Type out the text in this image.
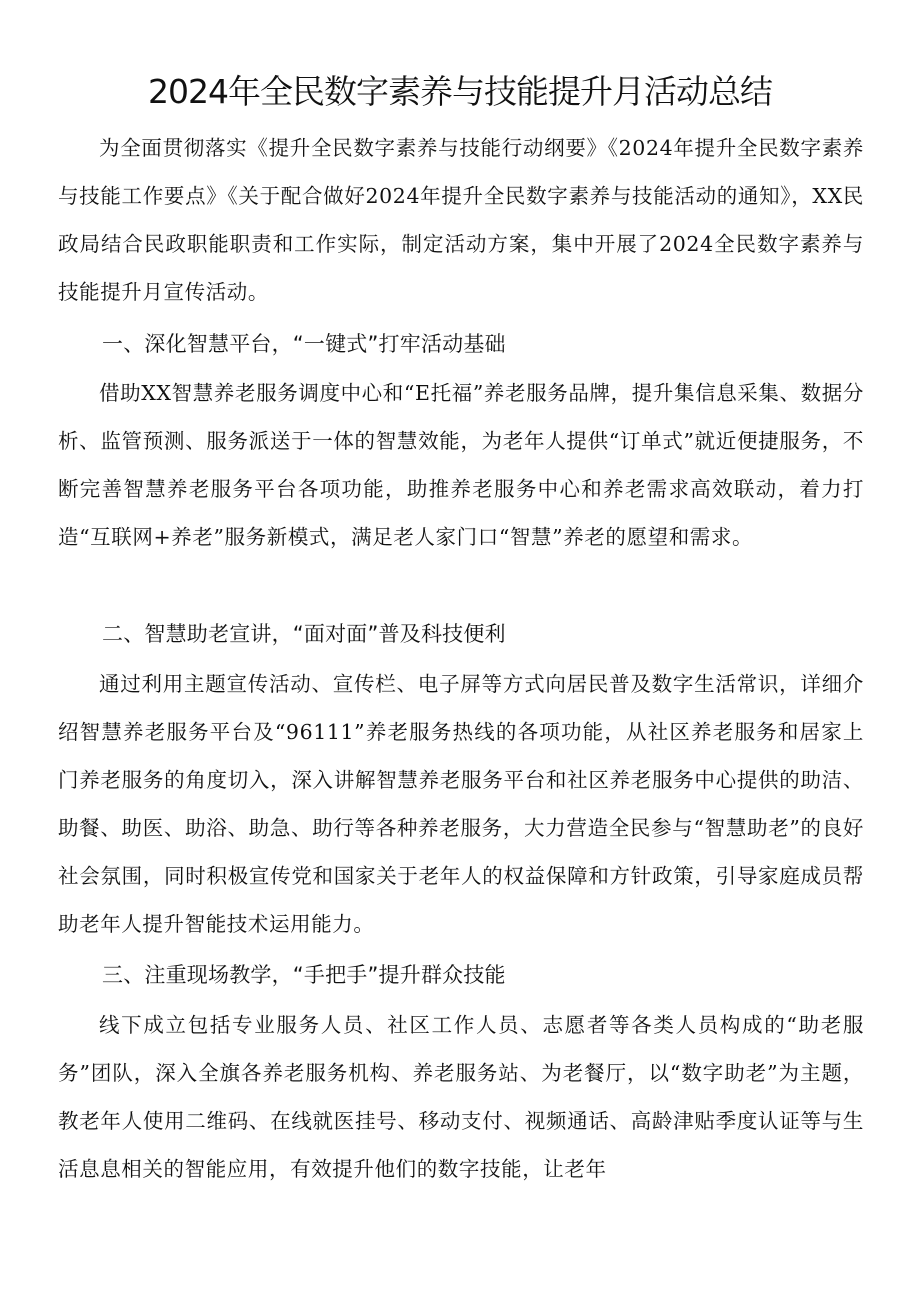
2024年全民数字素养与技能提升月活动总结

为全面贯彻落实《提升全民数字素养与技能行动纲要》《2024年提升全民数字素养与技能工作要点》《关于配合做好2024年提升全民数字素养与技能活动的通知》，XX民政局结合民政职能职责和工作实际，制定活动方案，集中开展了2024全民数字素养与技能提升月宣传活动。

一、深化智慧平台，“一键式”打牢活动基础

借助XX智慧养老服务调度中心和“E托福”养老服务品牌，提升集信息采集、数据分析、监管预测、服务派送于一体的智慧效能，为老年人提供“订单式”就近便捷服务，不断完善智慧养老服务平台各项功能，助推养老服务中心和养老需求高效联动，着力打造“互联网+养老”服务新模式，满足老人家门口“智慧”养老的愿望和需求。

二、智慧助老宣讲，“面对面”普及科技便利

通过利用主题宣传活动、宣传栏、电子屏等方式向居民普及数字生活常识，详细介绍智慧养老服务平台及“96111”养老服务热线的各项功能，从社区养老服务和居家上门养老服务的角度切入，深入讲解智慧养老服务平台和社区养老服务中心提供的助洁、助餐、助医、助浴、助急、助行等各种养老服务，大力营造全民参与“智慧助老”的良好社会氛围，同时积极宣传党和国家关于老年人的权益保障和方针政策，引导家庭成员帮助老年人提升智能技术运用能力。

三、注重现场教学，“手把手”提升群众技能

线下成立包括专业服务人员、社区工作人员、志愿者等各类人员构成的“助老服务”团队，深入全旗各养老服务机构、养老服务站、为老餐厅，以“数字助老”为主题，教老年人使用二维码、在线就医挂号、移动支付、视频通话、高龄津贴季度认证等与生活息息相关的智能应用，有效提升他们的数字技能，让老年
